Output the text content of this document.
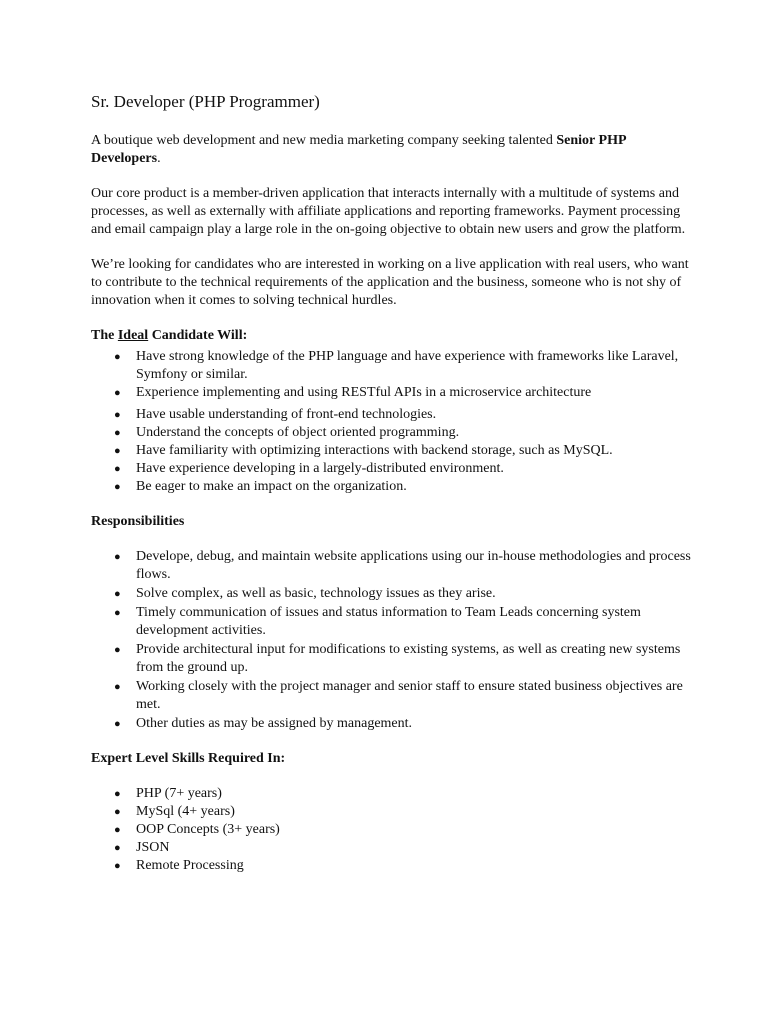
Sr. Developer (PHP Programmer)

A boutique web development and new media marketing company seeking talented Senior PHP Developers.

Our core product is a member-driven application that interacts internally with a multitude of systems and processes, as well as externally with affiliate applications and reporting frameworks. Payment processing and email campaign play a large role in the on-going objective to obtain new users and grow the platform.

We’re looking for candidates who are interested in working on a live application with real users, who want to contribute to the technical requirements of the application and the business, someone who is not shy of innovation when it comes to solving technical hurdles.

The Ideal Candidate Will:

● Have strong knowledge of the PHP language and have experience with frameworks like Laravel, Symfony or similar.
● Experience implementing and using RESTful APIs in a microservice architecture
● Have usable understanding of front-end technologies.
● Understand the concepts of object oriented programming.
● Have familiarity with optimizing interactions with backend storage, such as MySQL.
● Have experience developing in a largely-distributed environment.
● Be eager to make an impact on the organization.

Responsibilities

● Develope, debug, and maintain website applications using our in-house methodologies and process flows.
● Solve complex, as well as basic, technology issues as they arise.
● Timely communication of issues and status information to Team Leads concerning system development activities.
● Provide architectural input for modifications to existing systems, as well as creating new systems from the ground up.
● Working closely with the project manager and senior staff to ensure stated business objectives are met.
● Other duties as may be assigned by management.

Expert Level Skills Required In:

● PHP (7+ years)
● MySql (4+ years)
● OOP Concepts (3+ years)
● JSON
● Remote Processing
